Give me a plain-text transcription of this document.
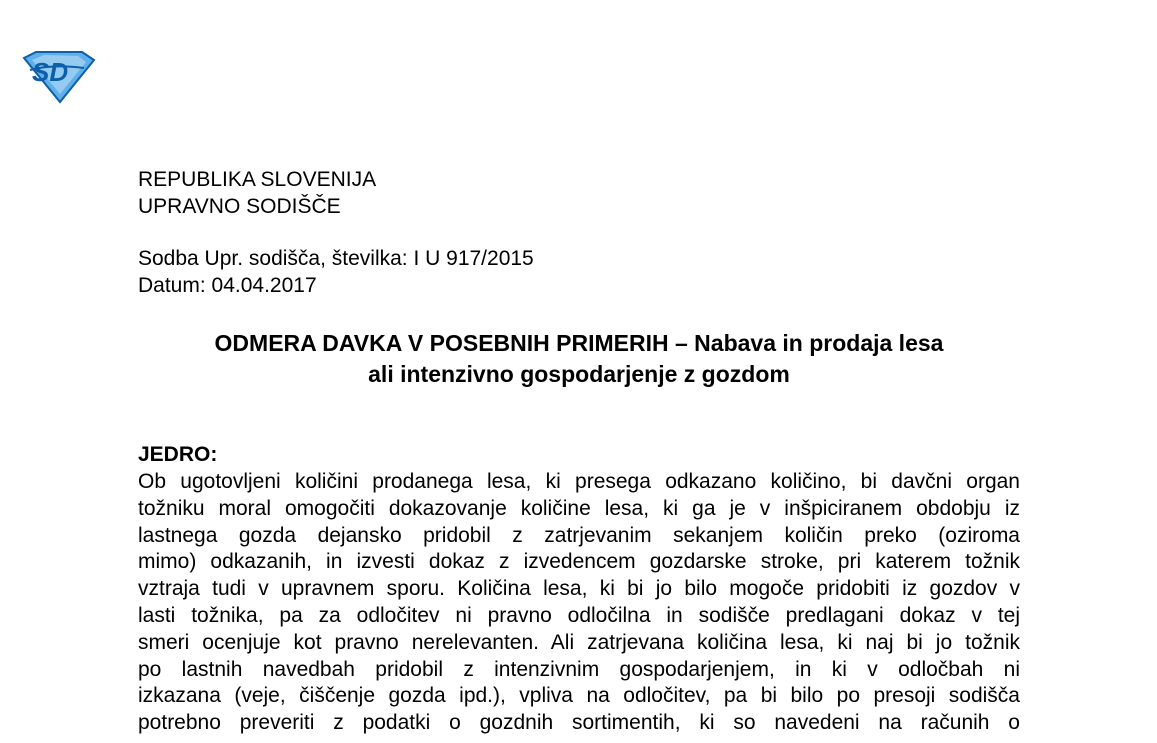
SD
REPUBLIKA SLOVENIJA
UPRAVNO SODIŠČE
Sodba Upr. sodišča, številka: I U 917/2015
Datum: 04.04.2017
ODMERA DAVKA V POSEBNIH PRIMERIH – Nabava in prodaja lesa
ali intenzivno gospodarjenje z gozdom
JEDRO:
Ob ugotovljeni količini prodanega lesa, ki presega odkazano količino, bi davčni organ
tožniku moral omogočiti dokazovanje količine lesa, ki ga je v inšpiciranem obdobju iz
lastnega gozda dejansko pridobil z zatrjevanim sekanjem količin preko (oziroma
mimo) odkazanih, in izvesti dokaz z izvedencem gozdarske stroke, pri katerem tožnik
vztraja tudi v upravnem sporu. Količina lesa, ki bi jo bilo mogoče pridobiti iz gozdov v
lasti tožnika, pa za odločitev ni pravno odločilna in sodišče predlagani dokaz v tej
smeri ocenjuje kot pravno nerelevanten. Ali zatrjevana količina lesa, ki naj bi jo tožnik
po lastnih navedbah pridobil z intenzivnim gospodarjenjem, in ki v odločbah ni
izkazana (veje, čiščenje gozda ipd.), vpliva na odločitev, pa bi bilo po presoji sodišča
potrebno preveriti z podatki o gozdnih sortimentih, ki so navedeni na računih o
